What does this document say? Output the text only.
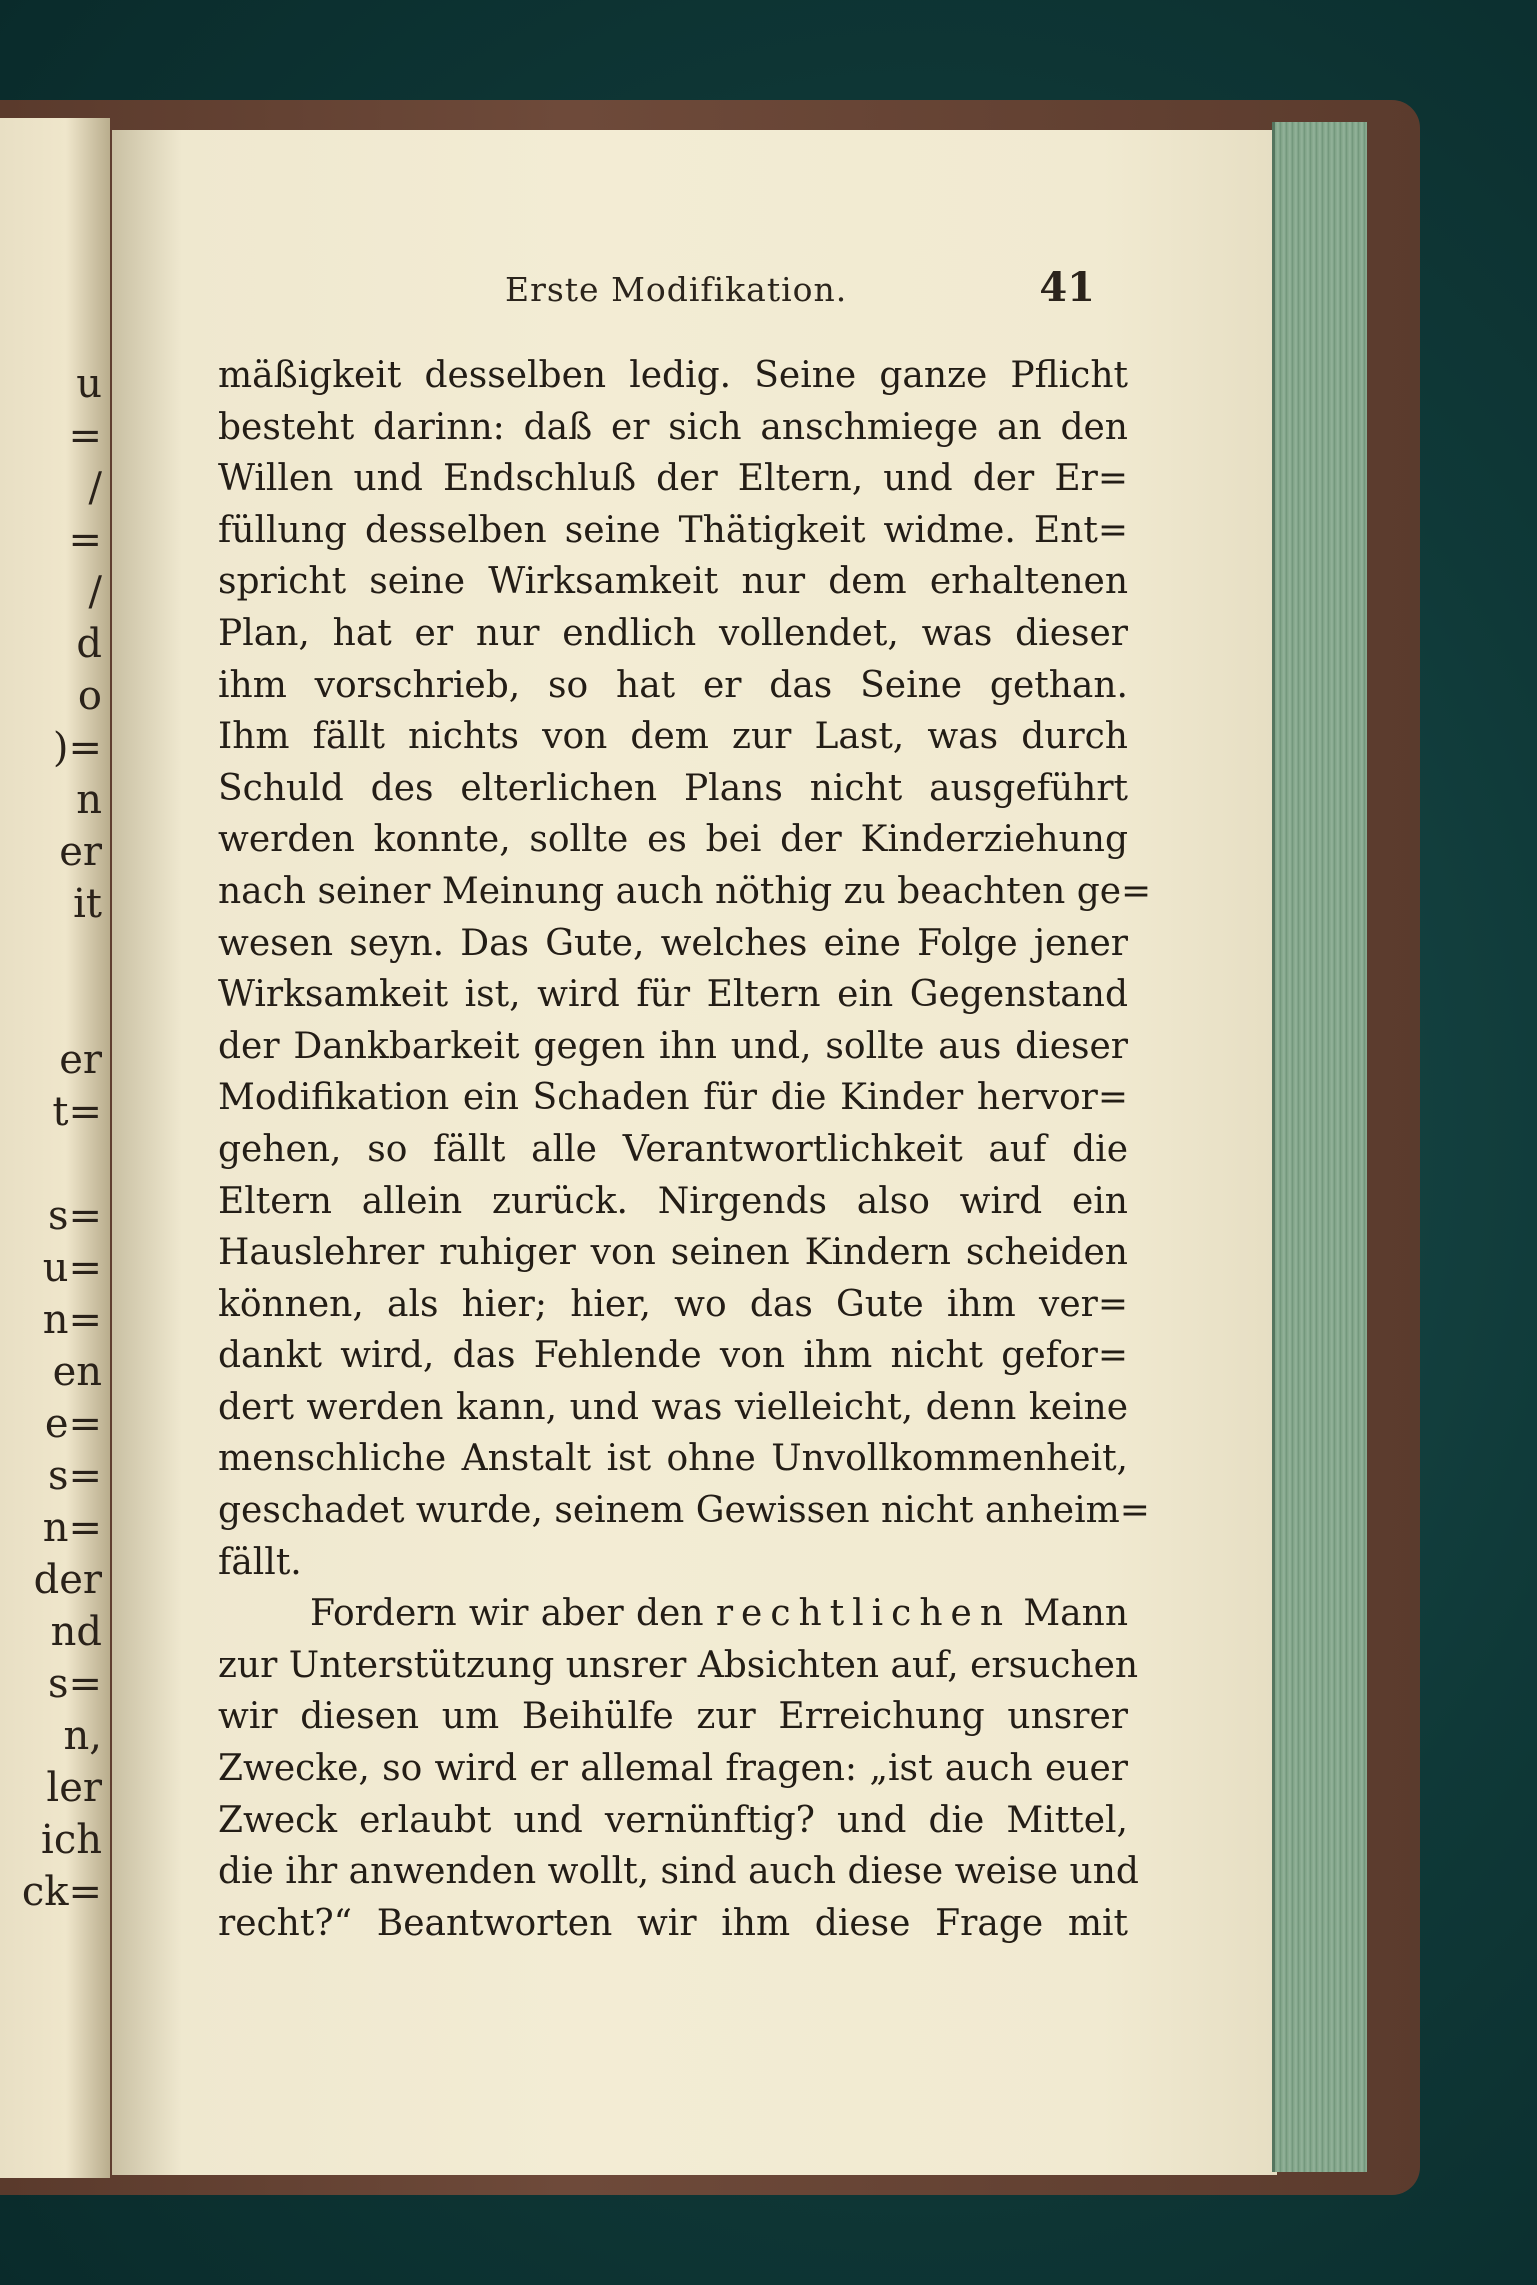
u
=
/
=
/
d
o
)=
n
er
it
er
t=
s=
u=
n=
en
e=
s=
n=
der
nd
s=
n,
ler
ich
ck=
Erste Modifikation.	41
mäßigkeit desselben ledig. Seine ganze Pflicht
besteht darinn: daß er sich anschmiege an den
Willen und Endschluß der Eltern, und der Er=
füllung desselben seine Thätigkeit widme. Ent=
spricht seine Wirksamkeit nur dem erhaltenen
Plan, hat er nur endlich vollendet, was dieser
ihm vorschrieb, so hat er das Seine gethan.
Ihm fällt nichts von dem zur Last, was durch
Schuld des elterlichen Plans nicht ausgeführt
werden konnte, sollte es bei der Kinderziehung
nach seiner Meinung auch nöthig zu beachten ge=
wesen seyn. Das Gute, welches eine Folge jener
Wirksamkeit ist, wird für Eltern ein Gegenstand
der Dankbarkeit gegen ihn und, sollte aus dieser
Modifikation ein Schaden für die Kinder hervor=
gehen, so fällt alle Verantwortlichkeit auf die
Eltern allein zurück. Nirgends also wird ein
Hauslehrer ruhiger von seinen Kindern scheiden
können, als hier; hier, wo das Gute ihm ver=
dankt wird, das Fehlende von ihm nicht gefor=
dert werden kann, und was vielleicht, denn keine
menschliche Anstalt ist ohne Unvollkommenheit,
geschadet wurde, seinem Gewissen nicht anheim=
fällt.
Fordern wir aber den rechtlichen Mann
zur Unterstützung unsrer Absichten auf, ersuchen
wir diesen um Beihülfe zur Erreichung unsrer
Zwecke, so wird er allemal fragen: „ist auch euer
Zweck erlaubt und vernünftig? und die Mittel,
die ihr anwenden wollt, sind auch diese weise und
recht?“ Beantworten wir ihm diese Frage mit
